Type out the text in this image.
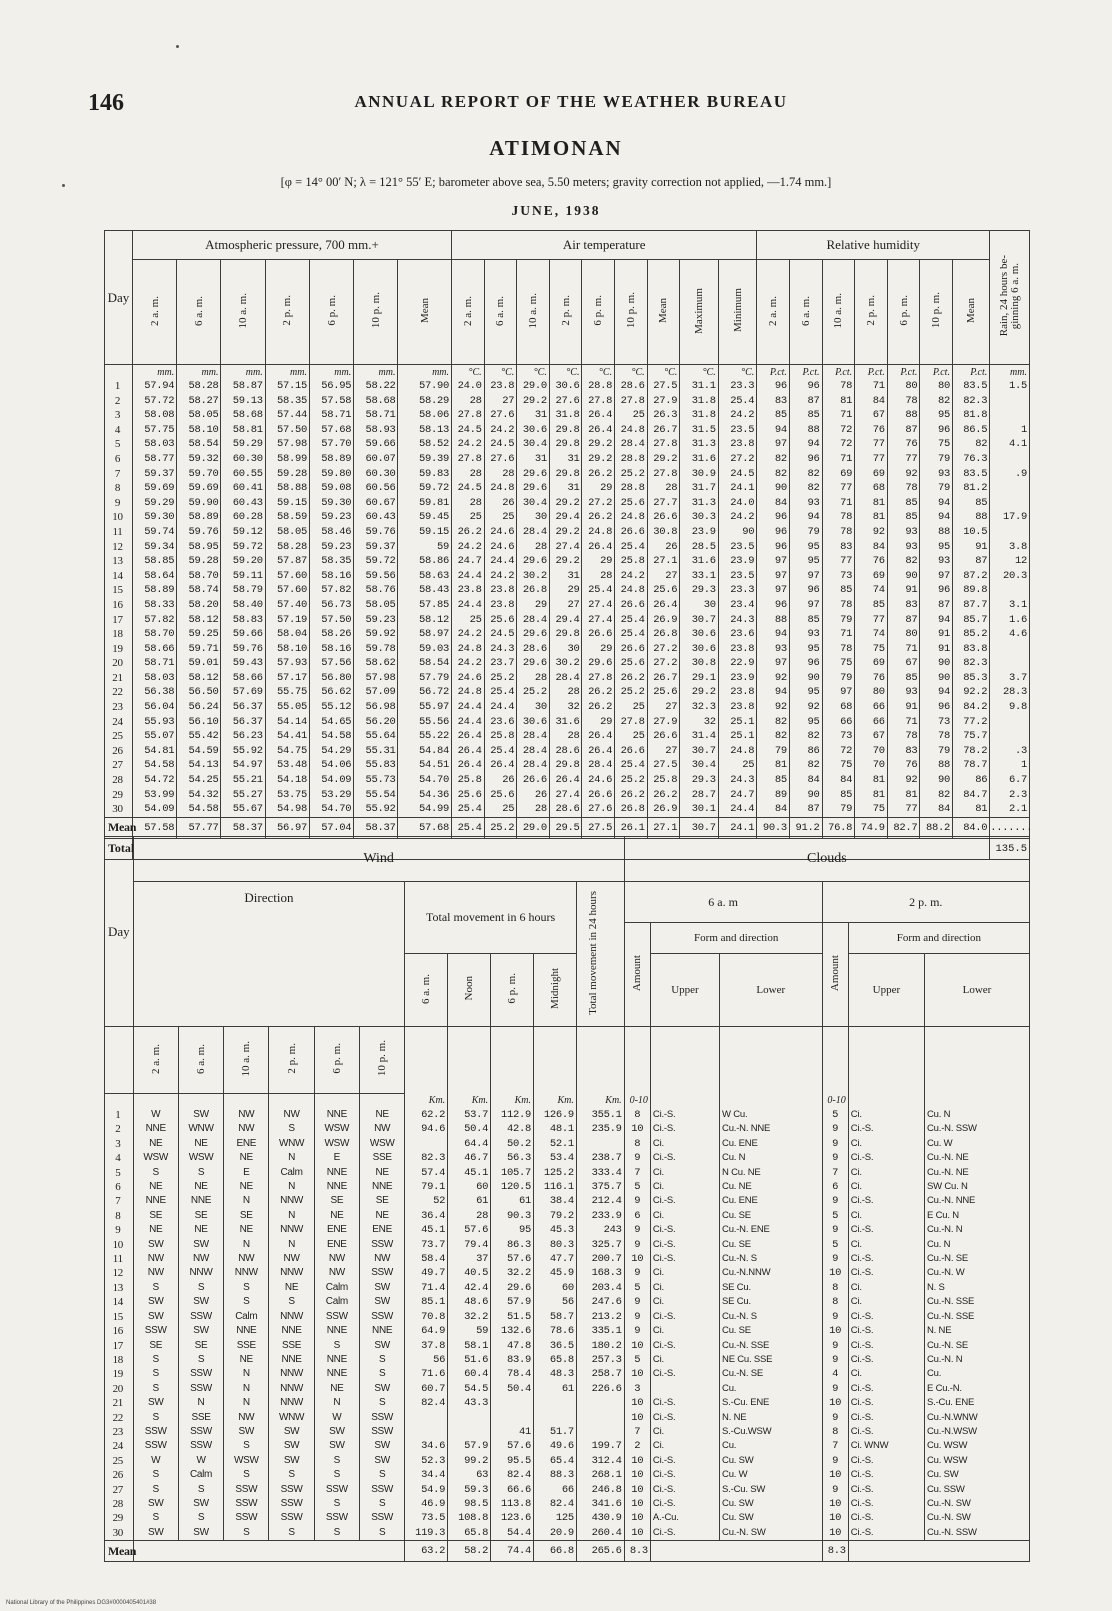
146	ANNUAL REPORT OF THE WEATHER BUREAU
ATIMONAN
[φ = 14° 00′ N; λ = 121° 55′ E; barometer above sea, 5.50 meters; gravity correction not applied, —1.74 mm.]
JUNE, 1938
Day	Atmospheric pressure, 700 mm.+							Air temperature									Relative humidity							Rain, 24 hours be-
ginning 6 a. m.
	2 a. m.	6 a. m.	10 a. m.	2 p. m.	6 p. m.	10 p. m.	Mean	2 a. m.	6 a. m.	10 a. m.	2 p. m.	6 p. m.	10 p. m.	Mean	Maximum	Minimum	2 a. m.	6 a. m.	10 a. m.	2 p. m.	6 p. m.	10 p. m.	Mean	
	mm.	mm.	mm.	mm.	mm.	mm.	mm.	°C.	°C.	°C.	°C.	°C.	°C.	°C.	°C.	°C.	P.ct.	P.ct.	P.ct.	P.ct.	P.ct.	P.ct.	P.ct.	mm.
1	57.94	58.28	58.87	57.15	56.95	58.22	57.90	24.0	23.8	29.0	30.6	28.8	28.6	27.5	31.1	23.3	96	96	78	71	80	80	83.5	1.5
2	57.72	58.27	59.13	58.35	57.58	58.68	58.29	28	27	29.2	27.6	27.8	27.8	27.9	31.8	25.4	83	87	81	84	78	82	82.3	
3	58.08	58.05	58.68	57.44	58.71	58.71	58.06	27.8	27.6	31	31.8	26.4	25	26.3	31.8	24.2	85	85	71	67	88	95	81.8	
4	57.75	58.10	58.81	57.50	57.68	58.93	58.13	24.5	24.2	30.6	29.8	26.4	24.8	26.7	31.5	23.5	94	88	72	76	87	96	86.5	1
5	58.03	58.54	59.29	57.98	57.70	59.66	58.52	24.2	24.5	30.4	29.8	29.2	28.4	27.8	31.3	23.8	97	94	72	77	76	75	82	4.1
6	58.77	59.32	60.30	58.99	58.89	60.07	59.39	27.8	27.6	31	31	29.2	28.8	29.2	31.6	27.2	82	96	71	77	77	79	76.3	
7	59.37	59.70	60.55	59.28	59.80	60.30	59.83	28	28	29.6	29.8	26.2	25.2	27.8	30.9	24.5	82	82	69	69	92	93	83.5	.9
8	59.69	59.69	60.41	58.88	59.08	60.56	59.72	24.5	24.8	29.6	31	29	28.8	28	31.7	24.1	90	82	77	68	78	79	81.2	
9	59.29	59.90	60.43	59.15	59.30	60.67	59.81	28	26	30.4	29.2	27.2	25.6	27.7	31.3	24.0	84	93	71	81	85	94	85	
10	59.30	58.89	60.28	58.59	59.23	60.43	59.45	25	25	30	29.4	26.2	24.8	26.6	30.3	24.2	96	94	78	81	85	94	88	17.9
11	59.74	59.76	59.12	58.05	58.46	59.76	59.15	26.2	24.6	28.4	29.2	24.8	26.6	30.8	23.9	90	96	79	78	92	93	88	10.5	
12	59.34	58.95	59.72	58.28	59.23	59.37	59	24.2	24.6	28	27.4	26.4	25.4	26	28.5	23.5	96	95	83	84	93	95	91	3.8
13	58.85	59.28	59.20	57.87	58.35	59.72	58.86	24.7	24.4	29.6	29.2	29	25.8	27.1	31.6	23.9	97	95	77	76	82	93	87	12
14	58.64	58.70	59.11	57.60	58.16	59.56	58.63	24.4	24.2	30.2	31	28	24.2	27	33.1	23.5	97	97	73	69	90	97	87.2	20.3
15	58.89	58.74	58.79	57.60	57.82	58.76	58.43	23.8	23.8	26.8	29	25.4	24.8	25.6	29.3	23.3	97	96	85	74	91	96	89.8	
16	58.33	58.20	58.40	57.40	56.73	58.05	57.85	24.4	23.8	29	27	27.4	26.6	26.4	30	23.4	96	97	78	85	83	87	87.7	3.1
17	57.82	58.12	58.83	57.19	57.50	59.23	58.12	25	25.6	28.4	29.4	27.4	25.4	26.9	30.7	24.3	88	85	79	77	87	94	85.7	1.6
18	58.70	59.25	59.66	58.04	58.26	59.92	58.97	24.2	24.5	29.6	29.8	26.6	25.4	26.8	30.6	23.6	94	93	71	74	80	91	85.2	4.6
19	58.66	59.71	59.76	58.10	58.16	59.78	59.03	24.8	24.3	28.6	30	29	26.6	27.2	30.6	23.8	93	95	78	75	71	91	83.8	
20	58.71	59.01	59.43	57.93	57.56	58.62	58.54	24.2	23.7	29.6	30.2	29.6	25.6	27.2	30.8	22.9	97	96	75	69	67	90	82.3	
21	58.03	58.12	58.66	57.17	56.80	57.98	57.79	24.6	25.2	28	28.4	27.8	26.2	26.7	29.1	23.9	92	90	79	76	85	90	85.3	3.7
22	56.38	56.50	57.69	55.75	56.62	57.09	56.72	24.8	25.4	25.2	28	26.2	25.2	25.6	29.2	23.8	94	95	97	80	93	94	92.2	28.3
23	56.04	56.24	56.37	55.05	55.12	56.98	55.97	24.4	24.4	30	32	26.2	25	27	32.3	23.8	92	92	68	66	91	96	84.2	9.8
24	55.93	56.10	56.37	54.14	54.65	56.20	55.56	24.4	23.6	30.6	31.6	29	27.8	27.9	32	25.1	82	95	66	66	71	73	77.2	
25	55.07	55.42	56.23	54.41	54.58	55.64	55.22	26.4	25.8	28.4	28	26.4	25	26.6	31.4	25.1	82	82	73	67	78	78	75.7	
26	54.81	54.59	55.92	54.75	54.29	55.31	54.84	26.4	25.4	28.4	28.6	26.4	26.6	27	30.7	24.8	79	86	72	70	83	79	78.2	.3
27	54.58	54.13	54.97	53.48	54.06	55.83	54.51	26.4	26.4	28.4	29.8	28.4	25.4	27.5	30.4	25	81	82	75	70	76	88	78.7	1
28	54.72	54.25	55.21	54.18	54.09	55.73	54.70	25.8	26	26.6	26.4	24.6	25.2	25.8	29.3	24.3	85	84	84	81	92	90	86	6.7
29	53.99	54.32	55.27	53.75	53.29	55.54	54.36	25.6	25.6	26	27.4	26.6	26.2	26.2	28.7	24.7	89	90	85	81	81	82	84.7	2.3
30	54.09	54.58	55.67	54.98	54.70	55.92	54.99	25.4	25	28	28.6	27.6	26.8	26.9	30.1	24.4	84	87	79	75	77	84	81	2.1
Mean	57.58	57.77	58.37	56.97	57.04	58.37	57.68	25.4	25.2	29.0	29.5	27.5	26.1	27.1	30.7	24.1	90.3	91.2	76.8	74.9	82.7	88.2	84.0	.......
Total																								135.5
Day	Wind											Clouds					
	Direction						Total movement in 6 hours				Total movement in 24 hours	6 a. m			2 p. m.		
												Amount	Form and direction		Amount	Form and direction	
							6 a. m.	Noon	6 p. m.	Midnight			Upper	Lower		Upper	Lower
	2 a. m.	6 a. m.	10 a. m.	2 p. m.	6 p. m.	10 p. m.											
							Km.	Km.	Km.	Km.	Km.	0-10			0-10		
1	W	SW	NW	NW	NNE	NE	62.2	53.7	112.9	126.9	355.1	8	Ci.-S.	W Cu.	5	Ci.	Cu. N
2	NNE	WNW	NW	S	WSW	NW	94.6	50.4	42.8	48.1	235.9	10	Ci.-S.	Cu.-N. NNE	9	Ci.-S.	Cu.-N. SSW
3	NE	NE	ENE	WNW	WSW	WSW		64.4	50.2	52.1		8	Ci.	Cu. ENE	9	Ci.	Cu. W
4	WSW	WSW	NE	N	E	SSE	82.3	46.7	56.3	53.4	238.7	9	Ci.-S.	Cu. N	9	Ci.-S.	Cu.-N. NE
5	S	S	E	Calm	NNE	NE	57.4	45.1	105.7	125.2	333.4	7	Ci.	N Cu. NE	7	Ci.	Cu.-N. NE
6	NE	NE	NE	N	NNE	NNE	79.1	60	120.5	116.1	375.7	5	Ci.	Cu. NE	6	Ci.	SW Cu. N
7	NNE	NNE	N	NNW	SE	SE	52	61	61	38.4	212.4	9	Ci.-S.	Cu. ENE	9	Ci.-S.	Cu.-N. NNE
8	SE	SE	SE	N	NE	NE	36.4	28	90.3	79.2	233.9	6	Ci.	Cu. SE	5	Ci.	E Cu. N
9	NE	NE	NE	NNW	ENE	ENE	45.1	57.6	95	45.3	243	9	Ci.-S.	Cu.-N. ENE	9	Ci.-S.	Cu.-N. N
10	SW	SW	N	N	ENE	SSW	73.7	79.4	86.3	80.3	325.7	9	Ci.-S.	Cu. SE	5	Ci.	Cu. N
11	NW	NW	NW	NW	NW	NW	58.4	37	57.6	47.7	200.7	10	Ci.-S.	Cu.-N. S	9	Ci.-S.	Cu.-N. SE
12	NW	NNW	NNW	NNW	NW	SSW	49.7	40.5	32.2	45.9	168.3	9	Ci.	Cu.-N.NNW	10	Ci.-S.	Cu.-N. W
13	S	S	S	NE	Calm	SW	71.4	42.4	29.6	60	203.4	5	Ci.	SE Cu.	8	Ci.	N. S
14	SW	SW	S	S	Calm	SW	85.1	48.6	57.9	56	247.6	9	Ci.	SE Cu.	8	Ci.	Cu.-N. SSE
15	SW	SSW	Calm	NNW	SSW	SSW	70.8	32.2	51.5	58.7	213.2	9	Ci.-S.	Cu.-N. S	9	Ci.-S.	Cu.-N. SSE
16	SSW	SW	NNE	NNE	NNE	NNE	64.9	59	132.6	78.6	335.1	9	Ci.	Cu. SE	10	Ci.-S.	N. NE
17	SE	SE	SSE	SSE	S	SW	37.8	58.1	47.8	36.5	180.2	10	Ci.-S.	Cu.-N. SSE	9	Ci.-S.	Cu.-N. SE
18	S	S	NE	NNE	NNE	S	56	51.6	83.9	65.8	257.3	5	Ci.	NE Cu. SSE	9	Ci.-S.	Cu.-N. N
19	S	SSW	N	NNW	NNE	S	71.6	60.4	78.4	48.3	258.7	10	Ci.-S.	Cu.-N. SE	4	Ci.	Cu.
20	S	SSW	N	NNW	NE	SW	60.7	54.5	50.4	61	226.6	3		Cu.	9	Ci.-S.	E Cu.-N.
21	SW	N	N	NNW	N	S	82.4	43.3				10	Ci.-S.	S.-Cu. ENE	10	Ci.-S.	S.-Cu. ENE
22	S	SSE	NW	WNW	W	SSW						10	Ci.-S.	N. NE	9	Ci.-S.	Cu.-N.WNW
23	SSW	SSW	SW	SW	SW	SSW			41	51.7		7	Ci.	S.-Cu.WSW	8	Ci.-S.	Cu.-N.WSW
24	SSW	SSW	S	SW	SW	SW	34.6	57.9	57.6	49.6	199.7	2	Ci.	Cu.	7	Ci. WNW	Cu. WSW
25	W	W	WSW	SW	S	SW	52.3	99.2	95.5	65.4	312.4	10	Ci.-S.	Cu. SW	9	Ci.-S.	Cu. WSW
26	S	Calm	S	S	S	S	34.4	63	82.4	88.3	268.1	10	Ci.-S.	Cu. W	10	Ci.-S.	Cu. SW
27	S	S	SSW	SSW	SSW	SSW	54.9	59.3	66.6	66	246.8	10	Ci.-S.	S.-Cu. SW	9	Ci.-S.	Cu. SSW
28	SW	SW	SSW	SSW	S	S	46.9	98.5	113.8	82.4	341.6	10	Ci.-S.	Cu. SW	10	Ci.-S.	Cu.-N. SW
29	S	S	SSW	SSW	SSW	SSW	73.5	108.8	123.6	125	430.9	10	A.-Cu.	Cu. SW	10	Ci.-S.	Cu.-N. SW
30	SW	SW	S	S	S	S	119.3	65.8	54.4	20.9	260.4	10	Ci.-S.	Cu.-N. SW	10	Ci.-S.	Cu.-N. SSW
Mean							63.2	58.2	74.4	66.8	265.6	8.3			8.3		
National Library of the Philippines DG3#0000405401#38
